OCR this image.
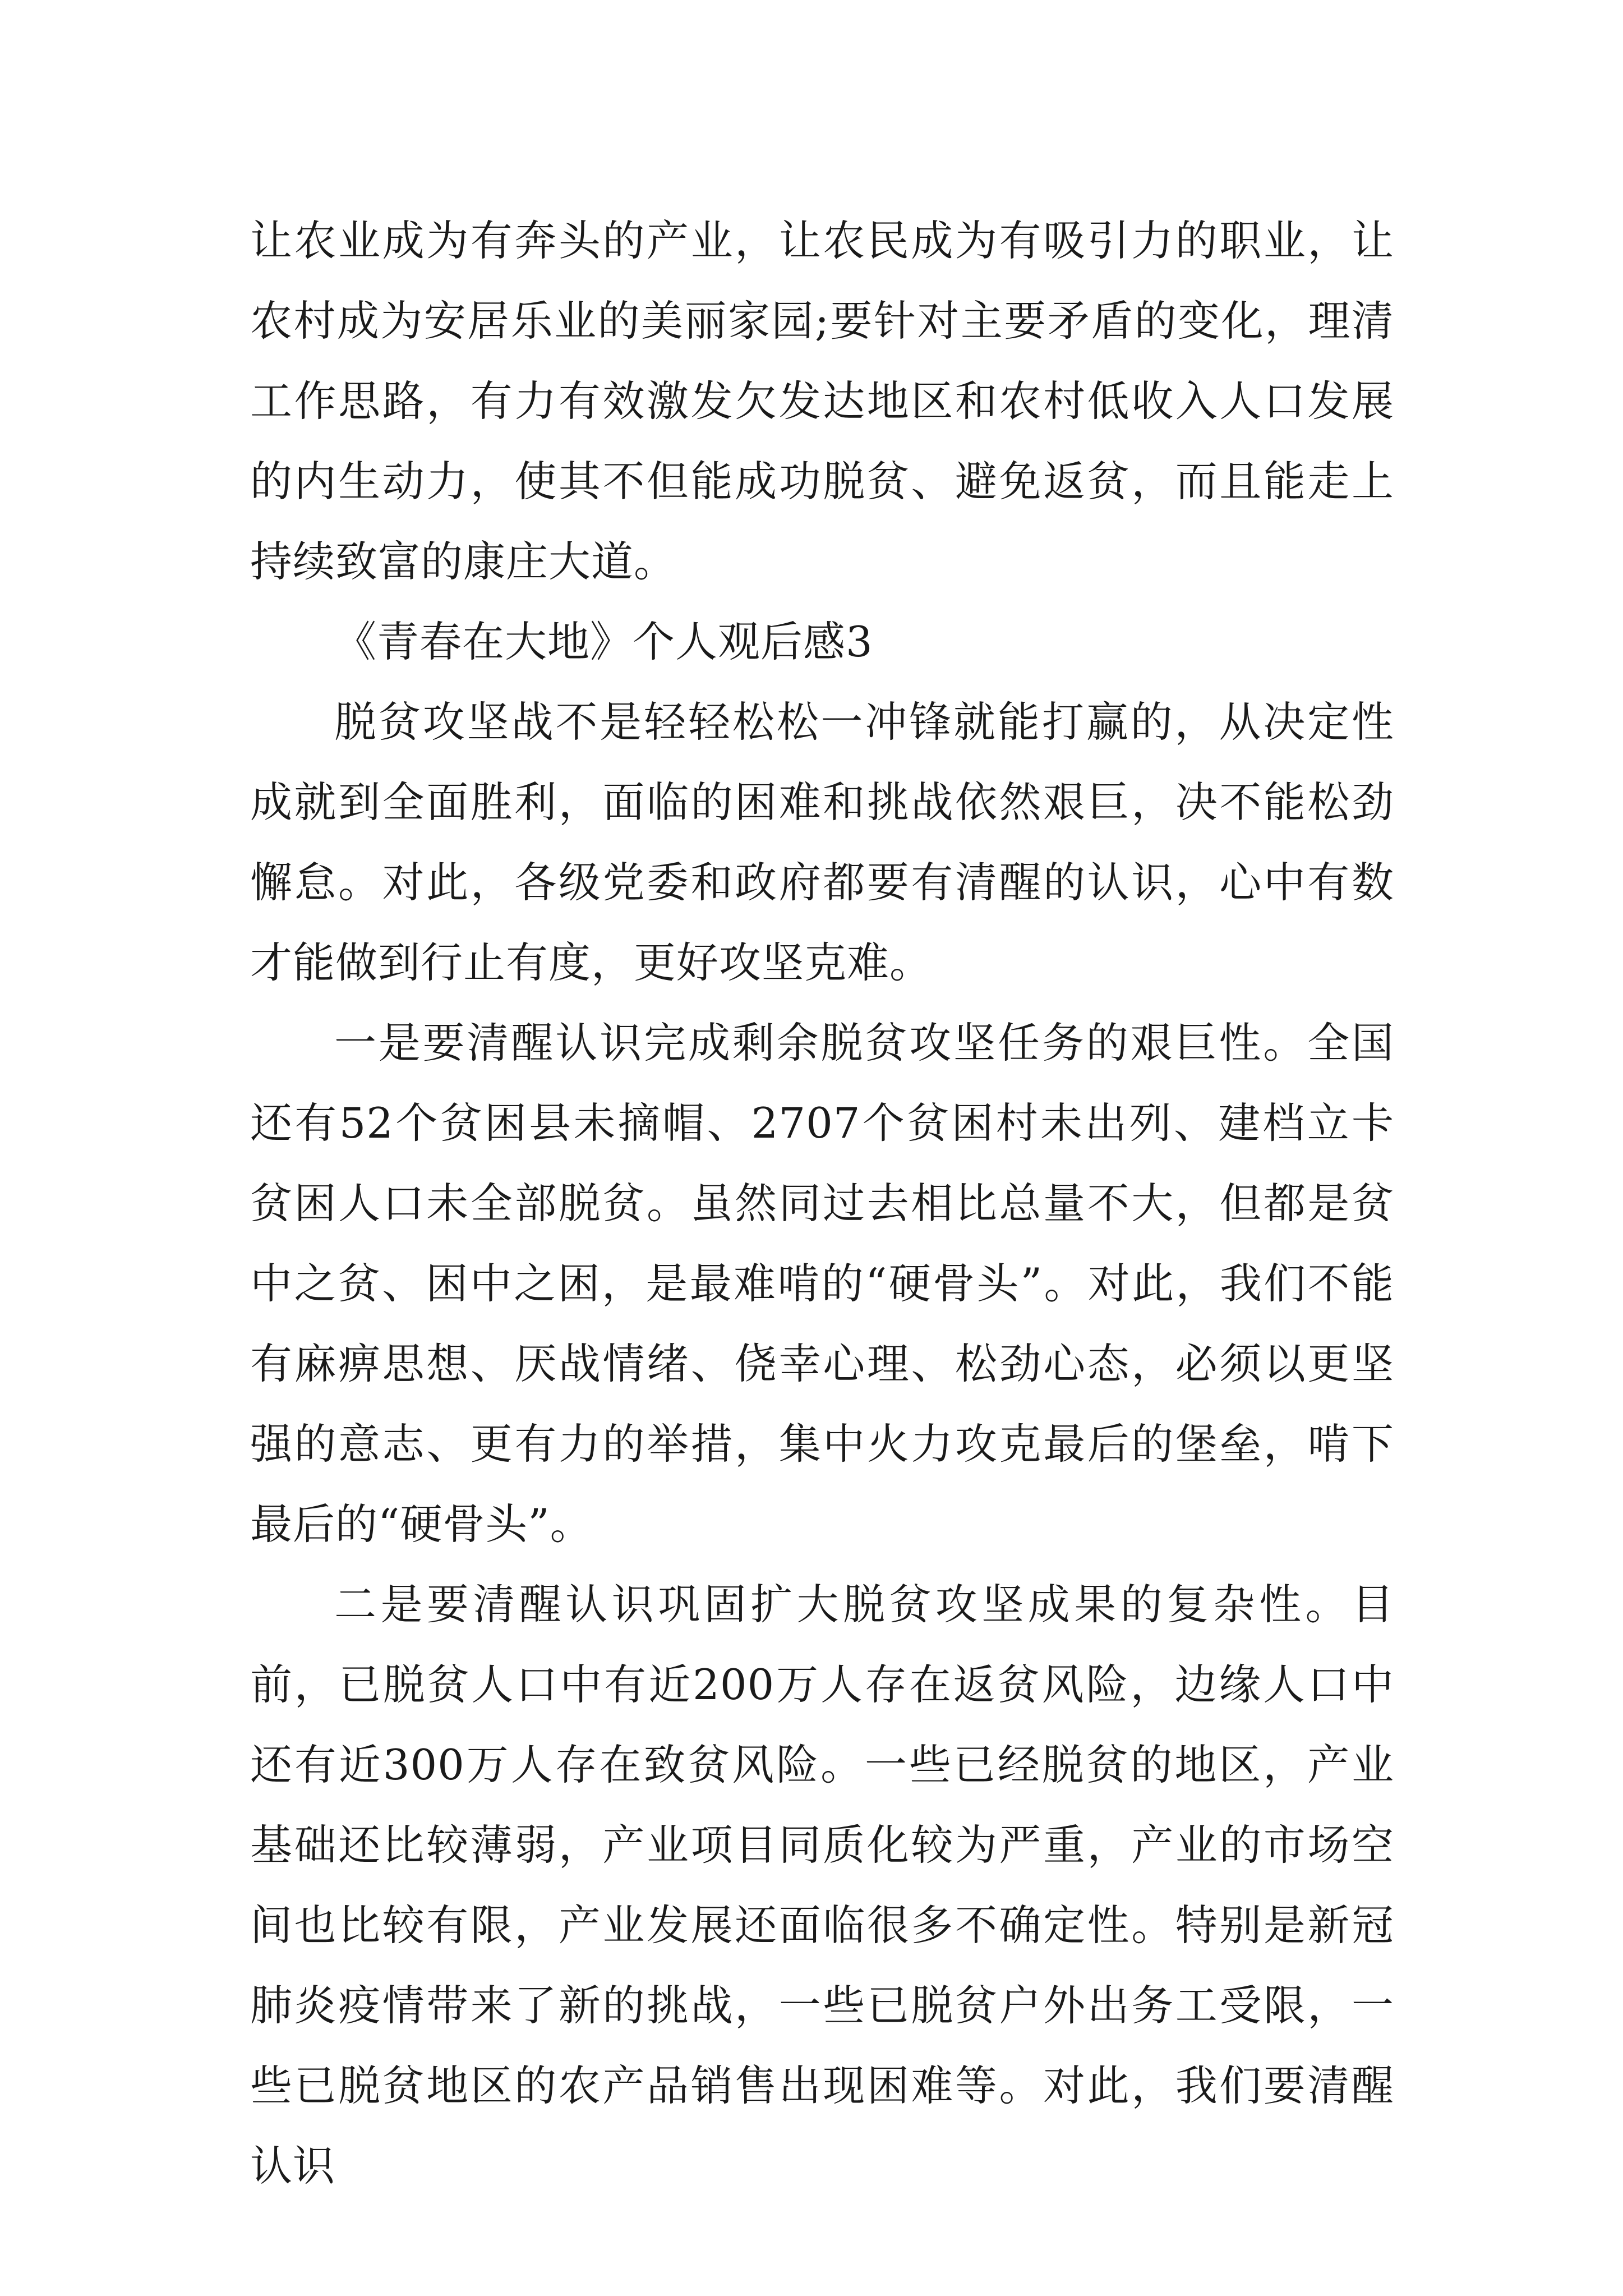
让农业成为有奔头的产业，让农民成为有吸引力的职业，让农村成为安居乐业的美丽家园;要针对主要矛盾的变化，理清工作思路，有力有效激发欠发达地区和农村低收入人口发展的内生动力，使其不但能成功脱贫、避免返贫，而且能走上持续致富的康庄大道。

《青春在大地》个人观后感3

脱贫攻坚战不是轻轻松松一冲锋就能打赢的，从决定性成就到全面胜利，面临的困难和挑战依然艰巨，决不能松劲懈怠。对此，各级党委和政府都要有清醒的认识，心中有数才能做到行止有度，更好攻坚克难。

一是要清醒认识完成剩余脱贫攻坚任务的艰巨性。全国还有52个贫困县未摘帽、2707个贫困村未出列、建档立卡贫困人口未全部脱贫。虽然同过去相比总量不大，但都是贫中之贫、困中之困，是最难啃的“硬骨头”。对此，我们不能有麻痹思想、厌战情绪、侥幸心理、松劲心态，必须以更坚强的意志、更有力的举措，集中火力攻克最后的堡垒，啃下最后的“硬骨头”。

二是要清醒认识巩固扩大脱贫攻坚成果的复杂性。目前，已脱贫人口中有近200万人存在返贫风险，边缘人口中还有近300万人存在致贫风险。一些已经脱贫的地区，产业基础还比较薄弱，产业项目同质化较为严重，产业的市场空间也比较有限，产业发展还面临很多不确定性。特别是新冠肺炎疫情带来了新的挑战，一些已脱贫户外出务工受限，一些已脱贫地区的农产品销售出现困难等。对此，我们要清醒认识
